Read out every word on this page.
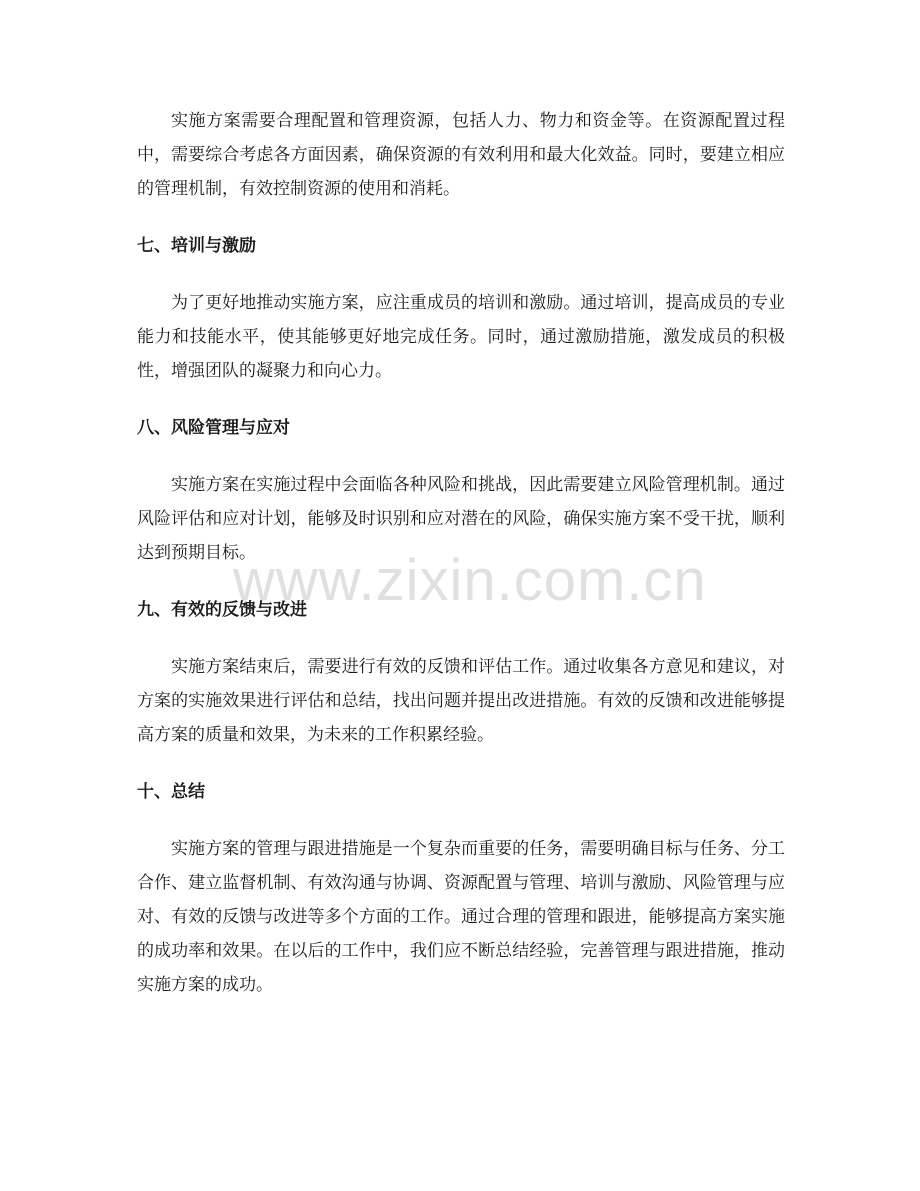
实施方案需要合理配置和管理资源，包括人力、物力和资金等。在资源配置过程中，需要综合考虑各方面因素，确保资源的有效利用和最大化效益。同时，要建立相应的管理机制，有效控制资源的使用和消耗。

七、培训与激励

为了更好地推动实施方案，应注重成员的培训和激励。通过培训，提高成员的专业能力和技能水平，使其能够更好地完成任务。同时，通过激励措施，激发成员的积极性，增强团队的凝聚力和向心力。

八、风险管理与应对

实施方案在实施过程中会面临各种风险和挑战，因此需要建立风险管理机制。通过风险评估和应对计划，能够及时识别和应对潜在的风险，确保实施方案不受干扰，顺利达到预期目标。

九、有效的反馈与改进

实施方案结束后，需要进行有效的反馈和评估工作。通过收集各方意见和建议，对方案的实施效果进行评估和总结，找出问题并提出改进措施。有效的反馈和改进能够提高方案的质量和效果，为未来的工作积累经验。

十、总结

实施方案的管理与跟进措施是一个复杂而重要的任务，需要明确目标与任务、分工合作、建立监督机制、有效沟通与协调、资源配置与管理、培训与激励、风险管理与应对、有效的反馈与改进等多个方面的工作。通过合理的管理和跟进，能够提高方案实施的成功率和效果。在以后的工作中，我们应不断总结经验，完善管理与跟进措施，推动实施方案的成功。

www.zixin.com.cn
